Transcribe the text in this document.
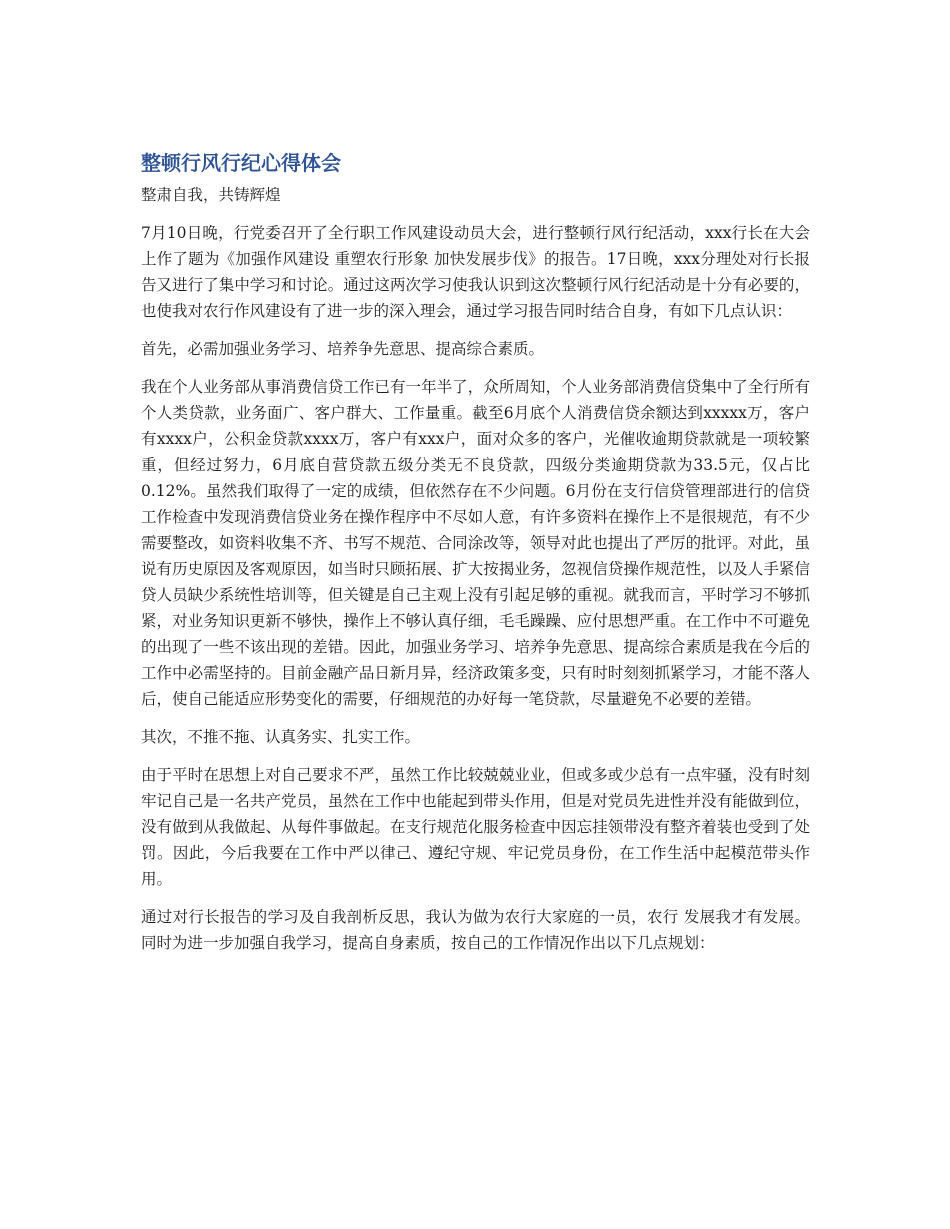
整顿行风行纪心得体会

整肃自我，共铸辉煌

7月10日晚，行党委召开了全行职工作风建设动员大会，进行整顿行风行纪活动，xxx行长在大会上作了题为《加强作风建设 重塑农行形象 加快发展步伐》的报告。17日晚，xxx分理处对行长报告又进行了集中学习和讨论。通过这两次学习使我认识到这次整顿行风行纪活动是十分有必要的，也使我对农行作风建设有了进一步的深入理会，通过学习报告同时结合自身，有如下几点认识：

首先，必需加强业务学习、培养争先意思、提高综合素质。

我在个人业务部从事消费信贷工作已有一年半了，众所周知，个人业务部消费信贷集中了全行所有个人类贷款，业务面广、客户群大、工作量重。截至6月底个人消费信贷余额达到xxxxx万，客户有xxxx户，公积金贷款xxxx万，客户有xxx户，面对众多的客户，光催收逾期贷款就是一项较繁重，但经过努力，6月底自营贷款五级分类无不良贷款，四级分类逾期贷款为33.5元，仅占比0.12%。虽然我们取得了一定的成绩，但依然存在不少问题。6月份在支行信贷管理部进行的信贷工作检查中发现消费信贷业务在操作程序中不尽如人意，有许多资料在操作上不是很规范，有不少需要整改，如资料收集不齐、书写不规范、合同涂改等，领导对此也提出了严厉的批评。对此，虽说有历史原因及客观原因，如当时只顾拓展、扩大按揭业务，忽视信贷操作规范性，以及人手紧信贷人员缺少系统性培训等，但关键是自己主观上没有引起足够的重视。就我而言，平时学习不够抓紧，对业务知识更新不够快，操作上不够认真仔细，毛毛躁躁、应付思想严重。在工作中不可避免的出现了一些不该出现的差错。因此，加强业务学习、培养争先意思、提高综合素质是我在今后的工作中必需坚持的。目前金融产品日新月异，经济政策多变，只有时时刻刻抓紧学习，才能不落人后，使自己能适应形势变化的需要，仔细规范的办好每一笔贷款，尽量避免不必要的差错。

其次，不推不拖、认真务实、扎实工作。

由于平时在思想上对自己要求不严，虽然工作比较兢兢业业，但或多或少总有一点牢骚，没有时刻牢记自己是一名共产党员，虽然在工作中也能起到带头作用，但是对党员先进性并没有能做到位，没有做到从我做起、从每件事做起。在支行规范化服务检查中因忘挂领带没有整齐着装也受到了处罚。因此，今后我要在工作中严以律己、遵纪守规、牢记党员身份，在工作生活中起模范带头作用。

通过对行长报告的学习及自我剖析反思，我认为做为农行大家庭的一员，农行 发展我才有发展。同时为进一步加强自我学习，提高自身素质，按自己的工作情况作出以下几点规划：
